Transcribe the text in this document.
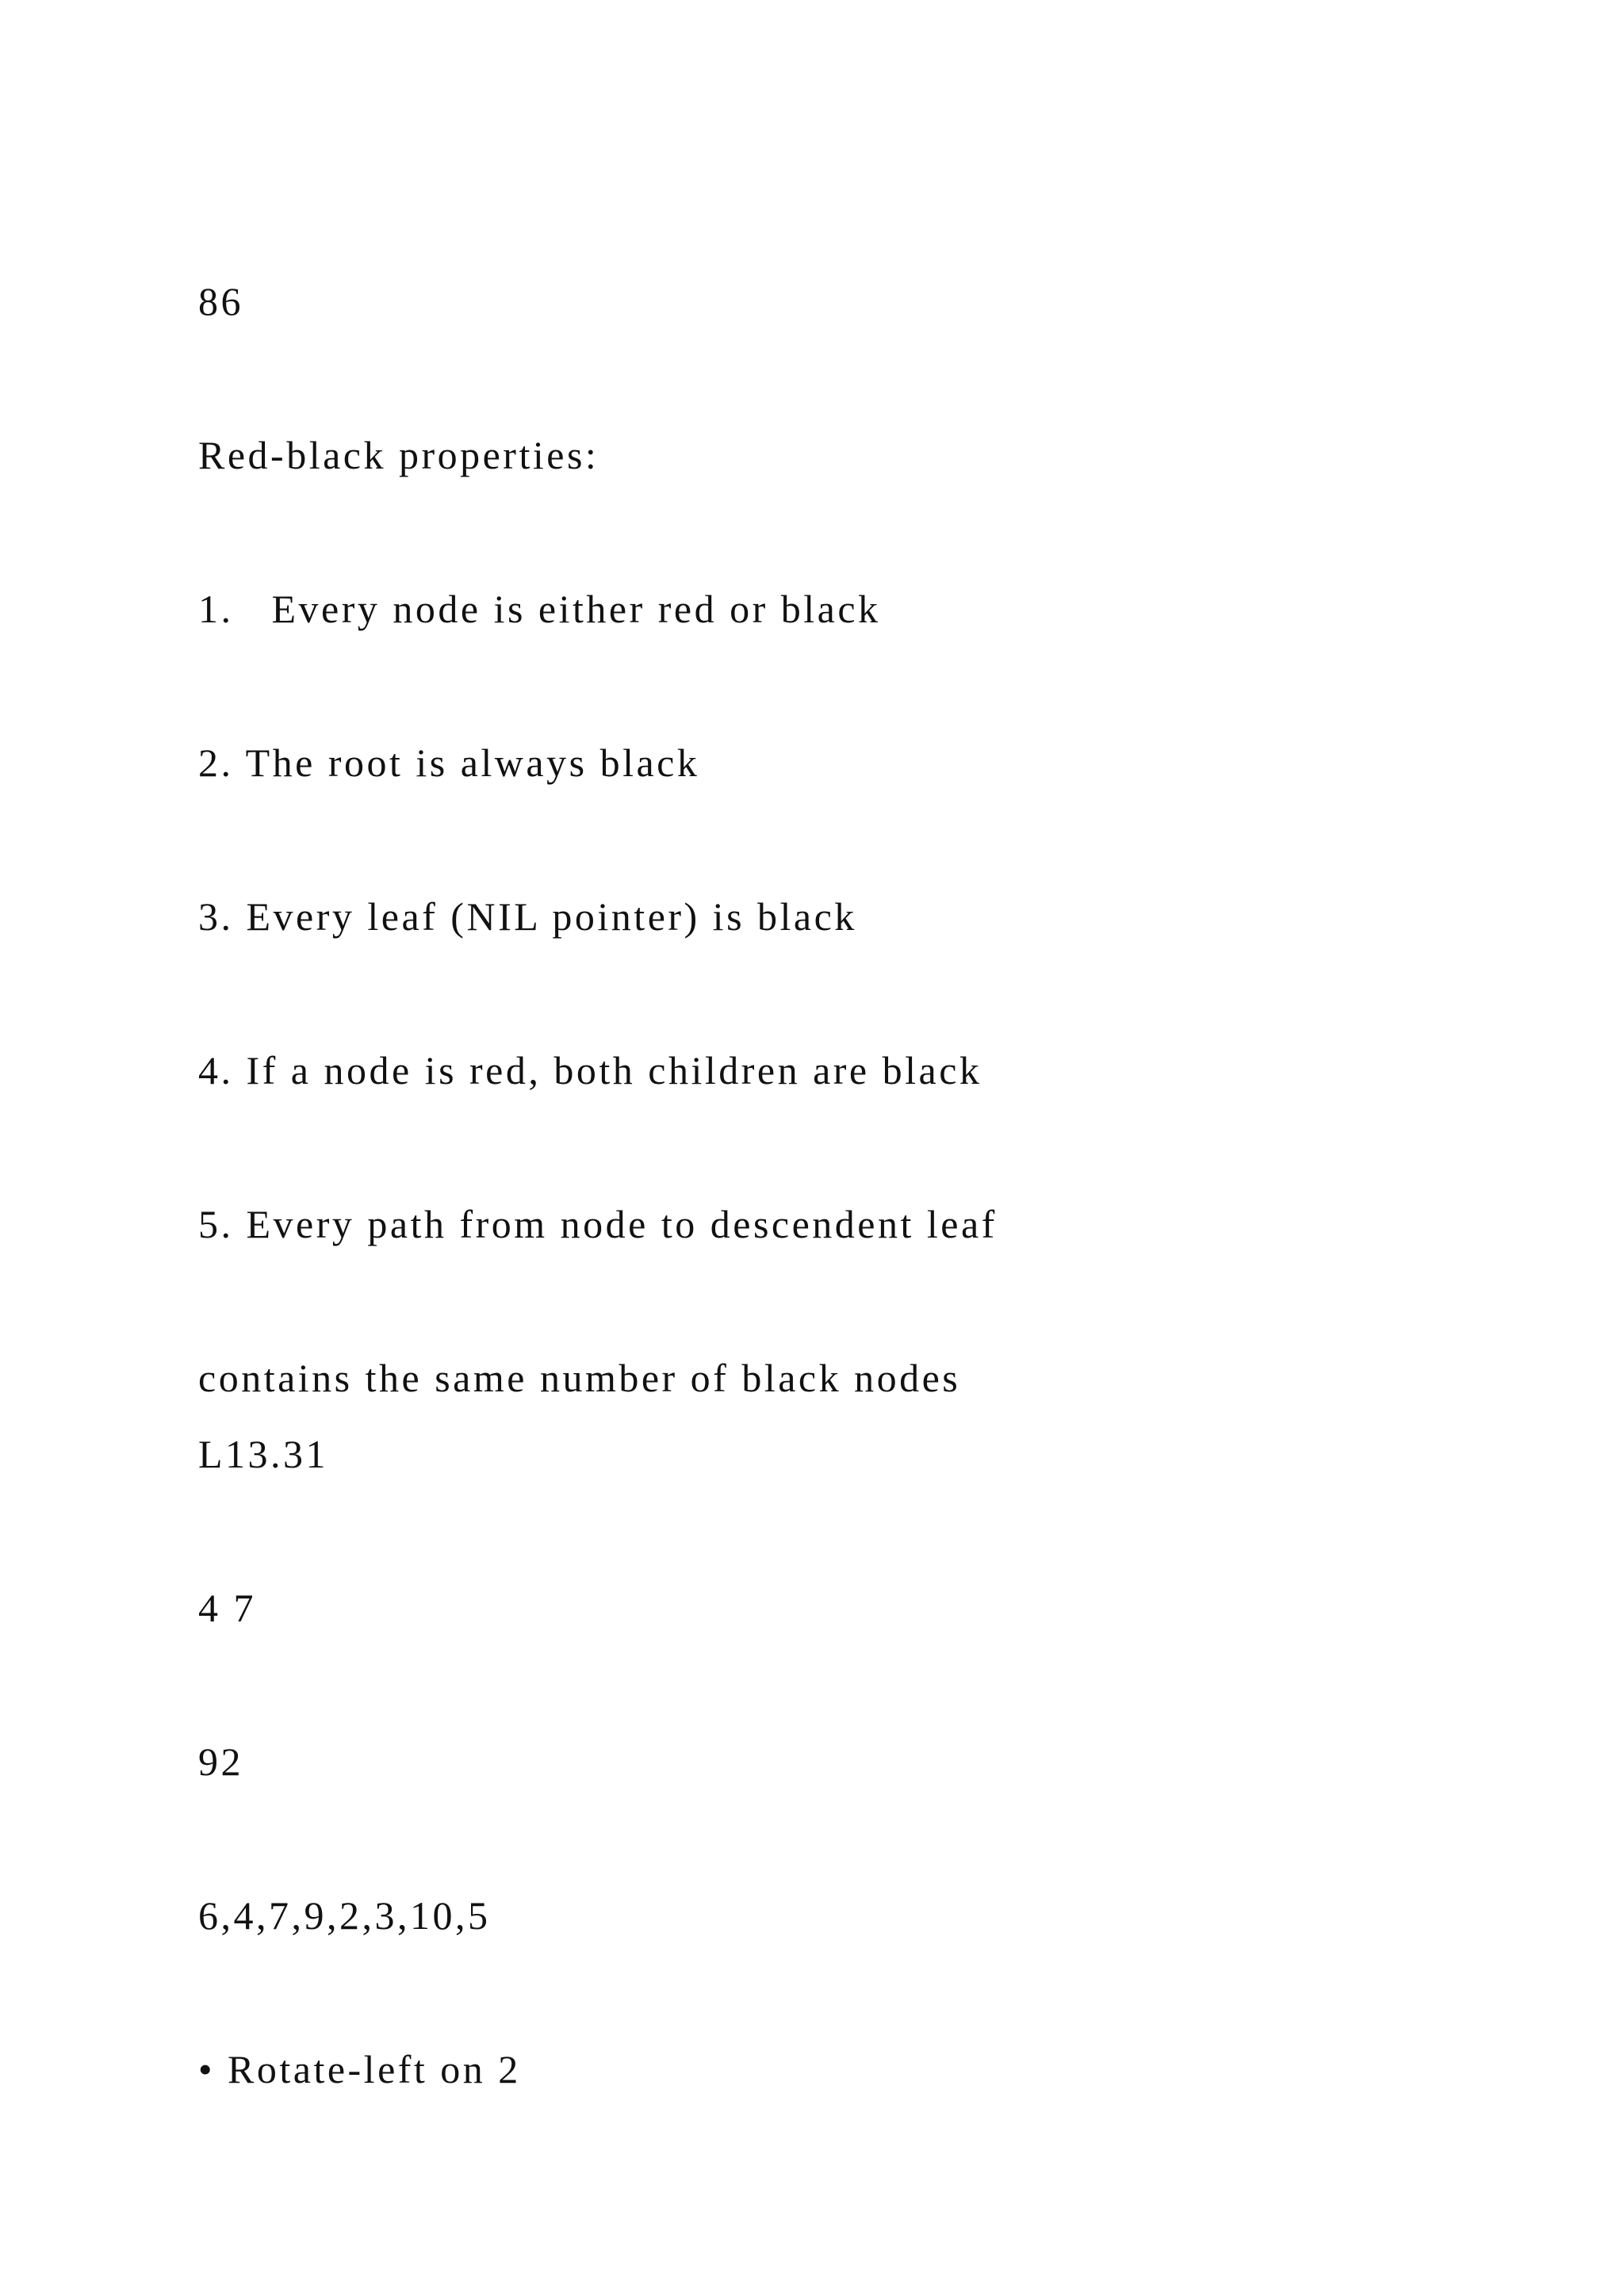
86
Red-black properties:
1.   Every node is either red or black
2. The root is always black
3. Every leaf (NIL pointer) is black
4. If a node is red, both children are black
5. Every path from node to descendent leaf
contains the same number of black nodes
L13.31
4 7
92
6,4,7,9,2,3,10,5
• Rotate-left on 2
